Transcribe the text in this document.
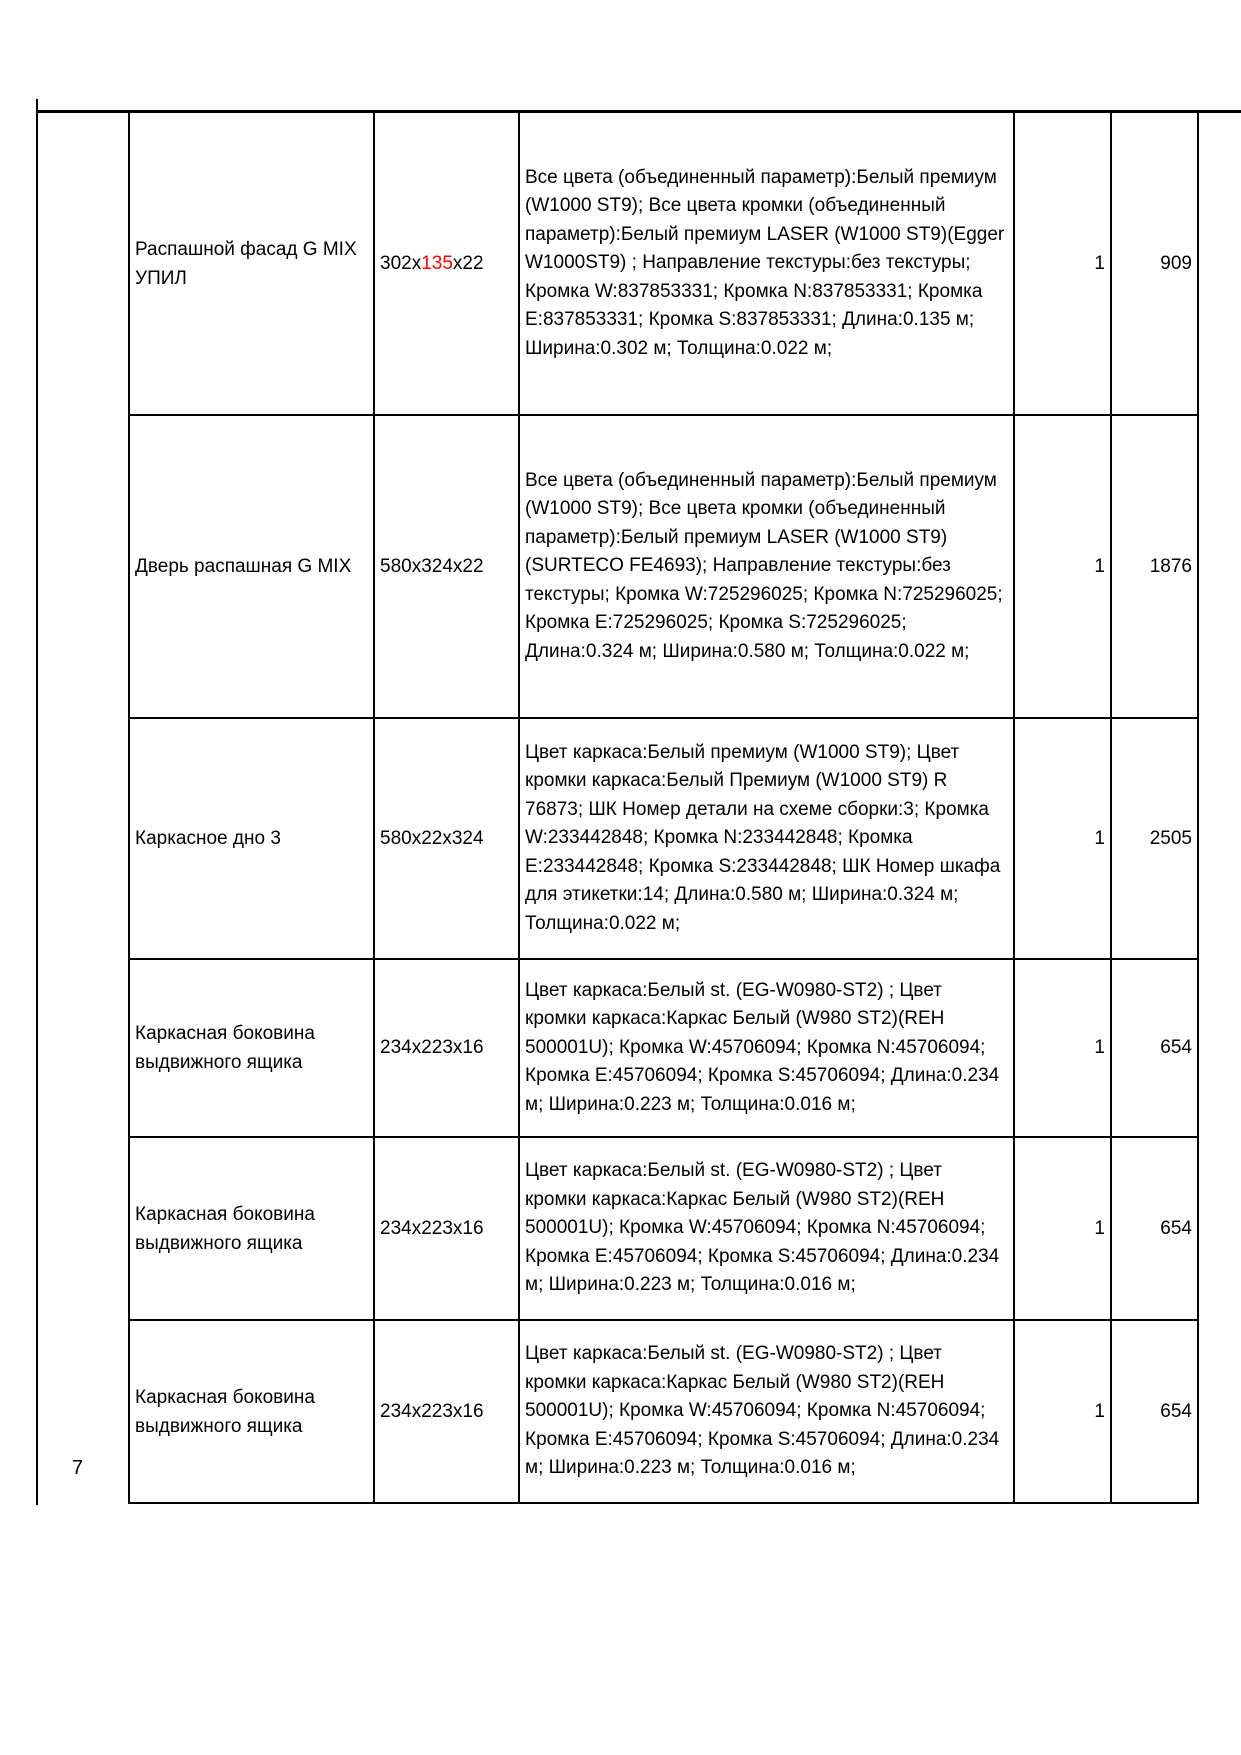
7
Распашной фасад G MIX УПИЛ	302x135x22	Все цвета (объединенный параметр):Белый премиум (W1000 ST9); Все цвета кромки (объединенный параметр):Белый премиум LASER (W1000 ST9)(Egger W1000ST9) ; Направление текстуры:без текстуры; Кромка W:837853331; Кромка N:837853331; Кромка E:837853331; Кромка S:837853331; Длина:0.135 м; Ширина:0.302 м; Толщина:0.022 м;	1	909
Дверь распашная G MIX	580x324x22	Все цвета (объединенный параметр):Белый премиум (W1000 ST9); Все цвета кромки (объединенный параметр):Белый премиум LASER (W1000 ST9) (SURTECO FE4693); Направление текстуры:без текстуры; Кромка W:725296025; Кромка N:725296025; Кромка E:725296025; Кромка S:725296025; Длина:0.324 м; Ширина:0.580 м; Толщина:0.022 м;	1	1876
Каркасное дно 3	580x22x324	Цвет каркаса:Белый премиум (W1000 ST9); Цвет кромки каркаса:Белый Премиум (W1000 ST9) R 76873; ШК Номер детали на схеме сборки:3; Кромка W:233442848; Кромка N:233442848; Кромка E:233442848; Кромка S:233442848; ШК Номер шкафа для этикетки:14; Длина:0.580 м; Ширина:0.324 м; Толщина:0.022 м;	1	2505
Каркасная боковина выдвижного ящика	234x223x16	Цвет каркаса:Белый st. (EG-W0980-ST2) ; Цвет кромки каркаса:Каркас Белый (W980 ST2)(REH 500001U); Кромка W:45706094; Кромка N:45706094; Кромка E:45706094; Кромка S:45706094; Длина:0.234 м; Ширина:0.223 м; Толщина:0.016 м;	1	654
Каркасная боковина выдвижного ящика	234x223x16	Цвет каркаса:Белый st. (EG-W0980-ST2) ; Цвет кромки каркаса:Каркас Белый (W980 ST2)(REH 500001U); Кромка W:45706094; Кромка N:45706094; Кромка E:45706094; Кромка S:45706094; Длина:0.234 м; Ширина:0.223 м; Толщина:0.016 м;	1	654
Каркасная боковина выдвижного ящика	234x223x16	Цвет каркаса:Белый st. (EG-W0980-ST2) ; Цвет кромки каркаса:Каркас Белый (W980 ST2)(REH 500001U); Кромка W:45706094; Кромка N:45706094; Кромка E:45706094; Кромка S:45706094; Длина:0.234 м; Ширина:0.223 м; Толщина:0.016 м;	1	654
